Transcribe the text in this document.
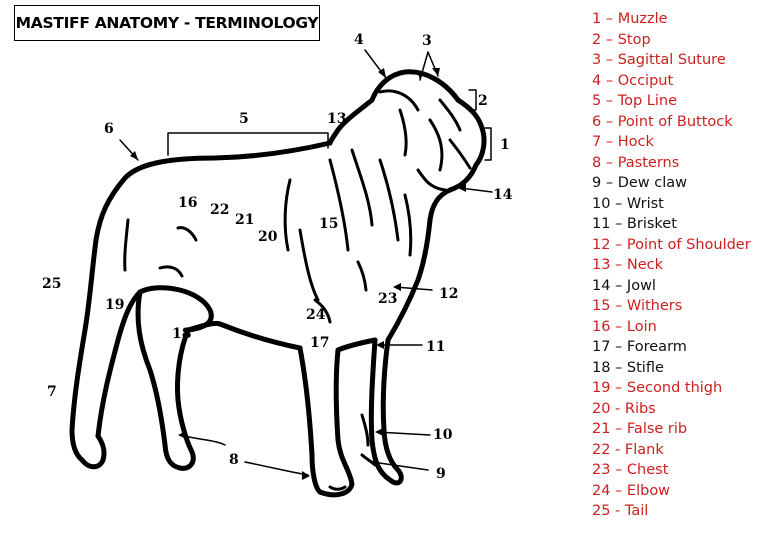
MASTIFF ANATOMY - TERMINOLOGY
1
2
3
4
5
6
7
8
9
10
11
12
13
14
15
16
17
18
19
20
21
22
23
24
25
1 – Muzzle
2 – Stop
3 – Sagittal Suture
4 – Occiput
5 – Top Line
6 – Point of Buttock
7 – Hock
8 – Pasterns
9 – Dew claw
10 – Wrist
11 – Brisket
12 – Point of Shoulder
13 – Neck
14 – Jowl
15 – Withers
16 – Loin
17 – Forearm
18 – Stifle
19 – Second thigh
20 - Ribs
21 – False rib
22 - Flank
23 – Chest
24 – Elbow
25 - Tail
